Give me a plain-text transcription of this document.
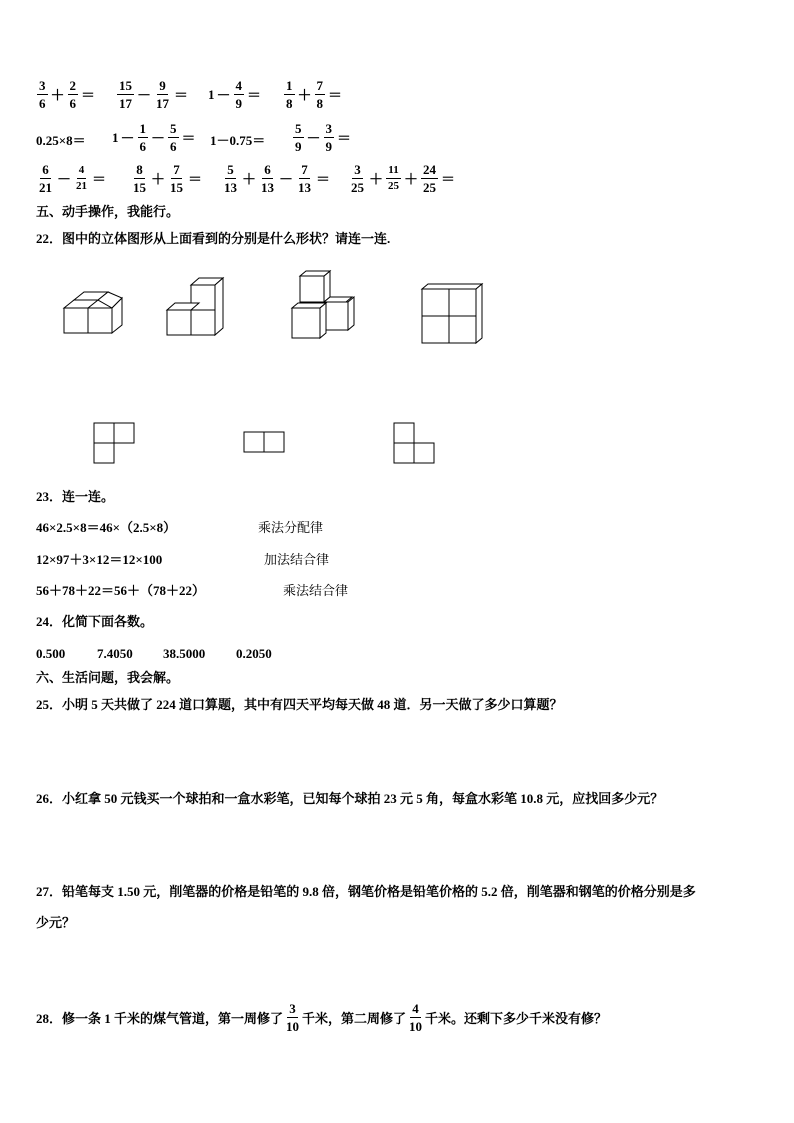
$\frac{3}{6} + \frac{2}{6} = \frac{15}{17} - \frac{9}{17} = 1 - \frac{4}{9} = \frac{1}{8} + \frac{7}{8}$ ＝
$0.25\times 8= 1 - \frac{1}{6} - \frac{5}{6} = 1-0.75= \frac{5}{9} - \frac{3}{9}$ ＝
$\frac{6}{21} - \frac{4}{21} = \frac{8}{15} + \frac{7}{15} = \frac{5}{13} + \frac{6}{13} - \frac{7}{13} = \frac{3}{25} + \frac{11}{25} + \frac{24}{25}$ ＝
五、动手操作，我能行。
22．图中的立体图形从上面看到的分别是什么形状？请连一连.
23．连一连。
46×2.5×8＝46×（2.5×8）
12×97＋3×12＝12×100
56＋78＋22＝56＋（78＋22）
乘法分配律
加法结合律
乘法结合律
24．化简下面各数。
0.500 7.4050 38.5000 0.2050
六、生活问题，我会解。
25．小明 5 天共做了 224 道口算题，其中有四天平均每天做 48 道．另一天做了多少口算题？
26．小红拿 50 元钱买一个球拍和一盒水彩笔，已知每个球拍 23 元 5 角，每盒水彩笔 10.8 元，应找回多少元？
27．铅笔每支 1.50 元，削笔器的价格是铅笔的 9.8 倍，钢笔价格是铅笔价格的 5.2 倍，削笔器和钢笔的价格分别是多
少元？
28．修一条 1 千米的煤气管道，第一周修了 $\frac{3}{10}$ 千米，第二周修了 $\frac{4}{10}$ 千米。还剩下多少千米没有修？
